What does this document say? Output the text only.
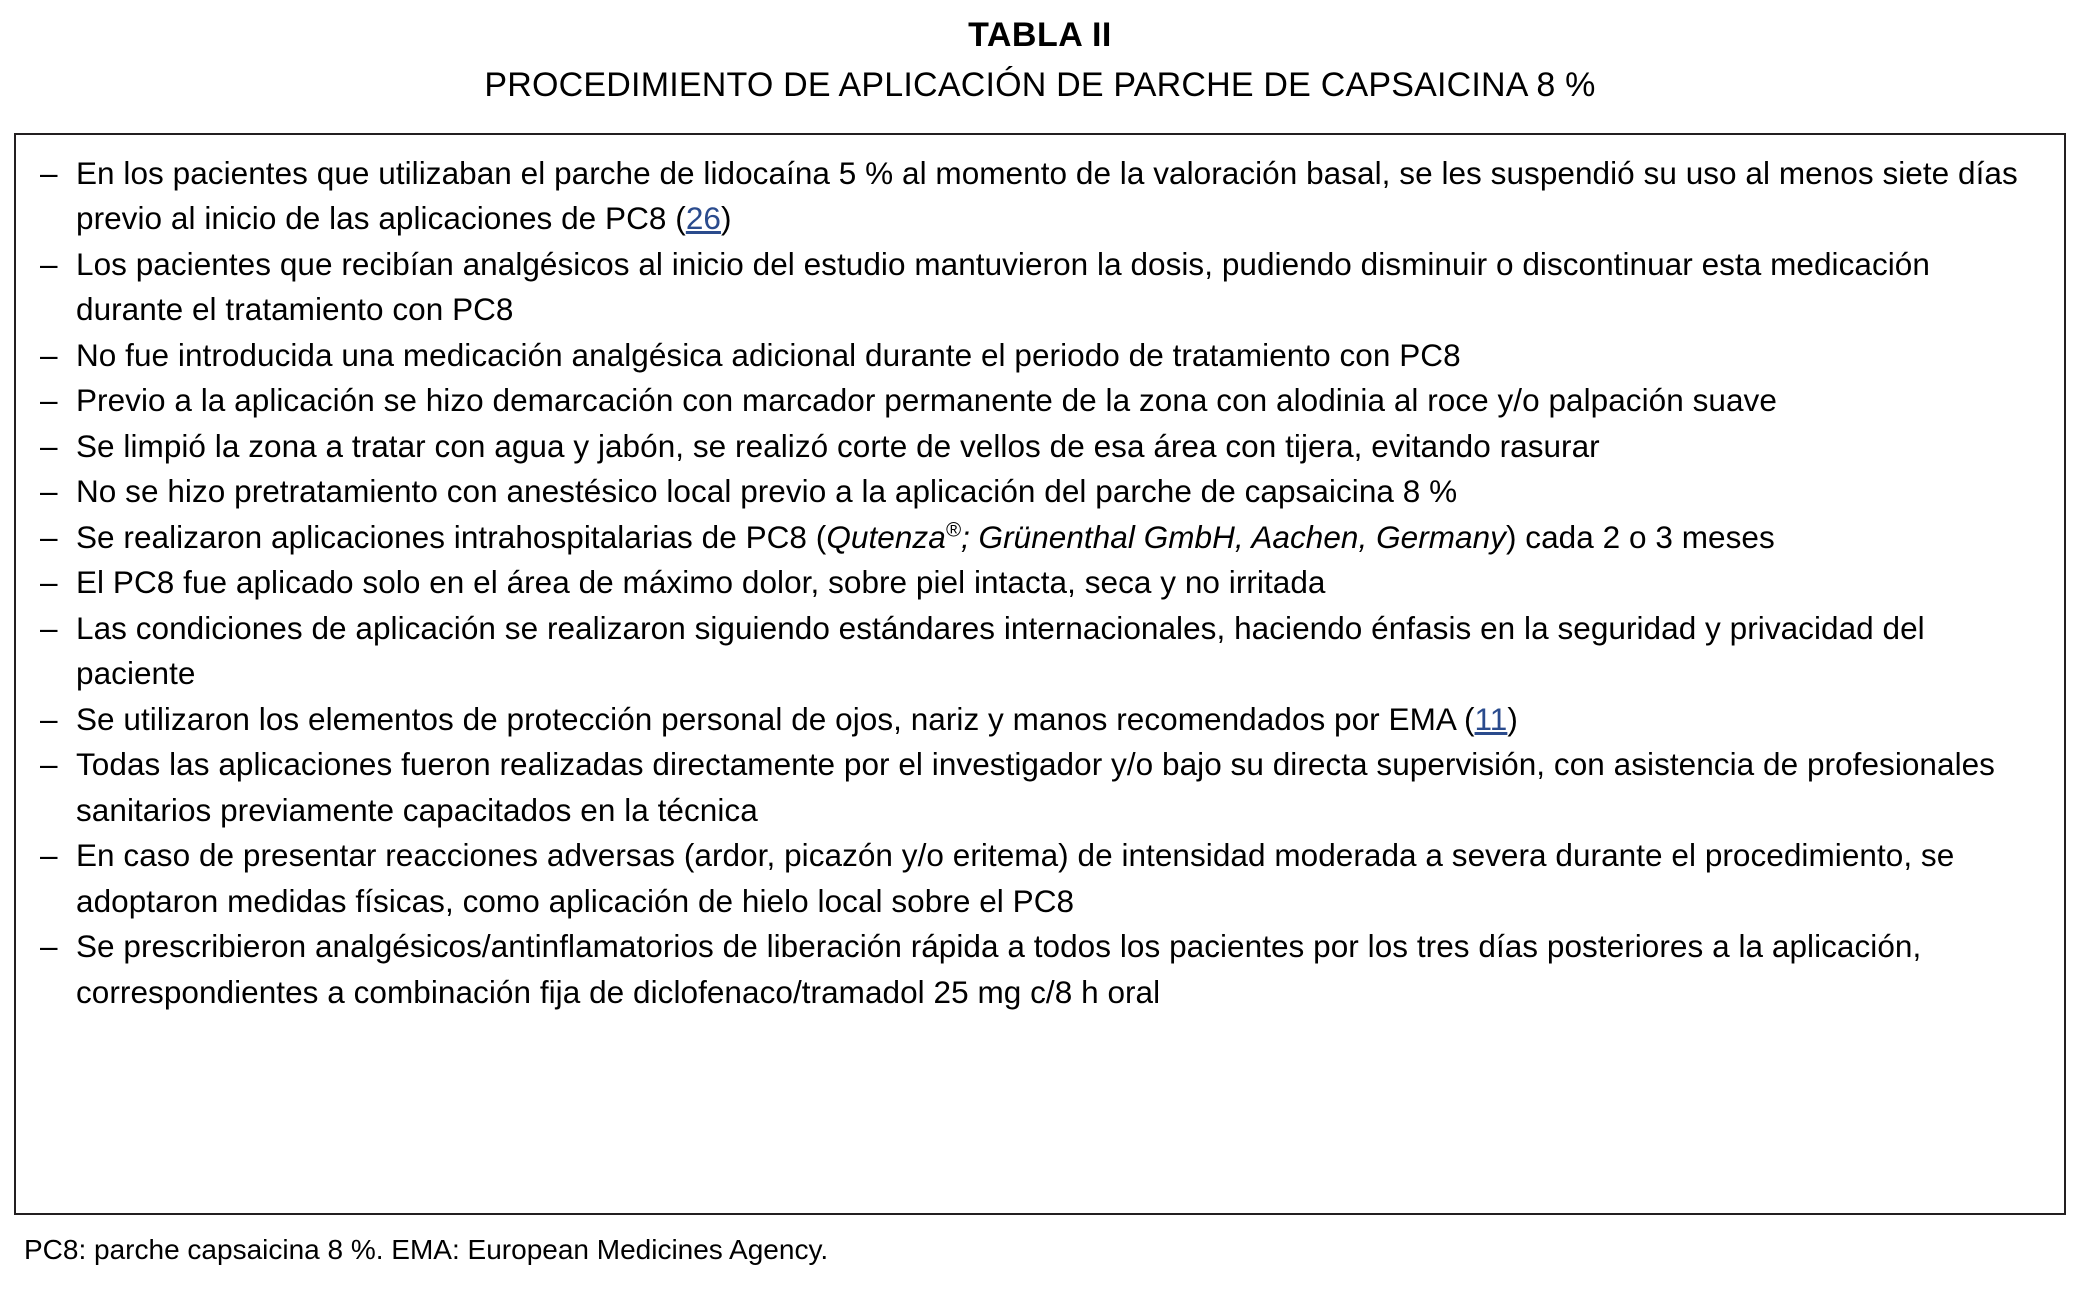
TABLA II
PROCEDIMIENTO DE APLICACIÓN DE PARCHE DE CAPSAICINA 8 %
– En los pacientes que utilizaban el parche de lidocaína 5 % al momento de la valoración basal, se les suspendió su uso al menos siete días previo al inicio de las aplicaciones de PC8 (26)
– Los pacientes que recibían analgésicos al inicio del estudio mantuvieron la dosis, pudiendo disminuir o discontinuar esta medicación durante el tratamiento con PC8
– No fue introducida una medicación analgésica adicional durante el periodo de tratamiento con PC8
– Previo a la aplicación se hizo demarcación con marcador permanente de la zona con alodinia al roce y/o palpación suave
– Se limpió la zona a tratar con agua y jabón, se realizó corte de vellos de esa área con tijera, evitando rasurar
– No se hizo pretratamiento con anestésico local previo a la aplicación del parche de capsaicina 8 %
– Se realizaron aplicaciones intrahospitalarias de PC8 (Qutenza®; Grünenthal GmbH, Aachen, Germany) cada 2 o 3 meses
– El PC8 fue aplicado solo en el área de máximo dolor, sobre piel intacta, seca y no irritada
– Las condiciones de aplicación se realizaron siguiendo estándares internacionales, haciendo énfasis en la seguridad y privacidad del paciente
– Se utilizaron los elementos de protección personal de ojos, nariz y manos recomendados por EMA (11)
– Todas las aplicaciones fueron realizadas directamente por el investigador y/o bajo su directa supervisión, con asistencia de profesionales sanitarios previamente capacitados en la técnica
– En caso de presentar reacciones adversas (ardor, picazón y/o eritema) de intensidad moderada a severa durante el procedimiento, se adoptaron medidas físicas, como aplicación de hielo local sobre el PC8
– Se prescribieron analgésicos/antinflamatorios de liberación rápida a todos los pacientes por los tres días posteriores a la aplicación, correspondientes a combinación fija de diclofenaco/tramadol 25 mg c/8 h oral
PC8: parche capsaicina 8 %. EMA: European Medicines Agency.
